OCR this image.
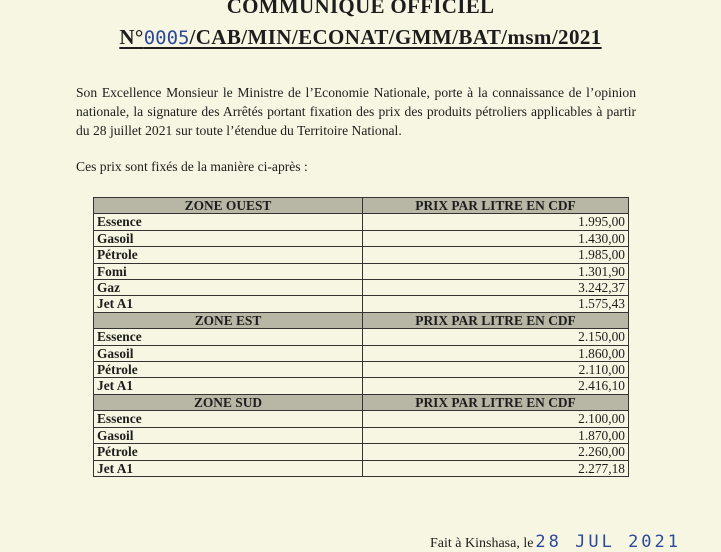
COMMUNIQUE OFFICIEL
N°0005/CAB/MIN/ECONAT/GMM/BAT/msm/2021
Son Excellence Monsieur le Ministre de l’Economie Nationale, porte à la connaissance de l’opinion nationale, la signature des Arrêtés portant fixation des prix des produits pétroliers applicables à partir du 28 juillet 2021 sur toute l’étendue du Territoire National.
Ces prix sont fixés de la manière ci-après :
ZONE OUEST	PRIX PAR LITRE EN CDF
Essence	1.995,00
Gasoil	1.430,00
Pétrole	1.985,00
Fomi	1.301,90
Gaz	3.242,37
Jet A1	1.575,43
ZONE EST	PRIX PAR LITRE EN CDF
Essence	2.150,00
Gasoil	1.860,00
Pétrole	2.110,00
Jet A1	2.416,10
ZONE SUD	PRIX PAR LITRE EN CDF
Essence	2.100,00
Gasoil	1.870,00
Pétrole	2.260,00
Jet A1	2.277,18
Fait à Kinshasa, le 28 JUL 2021
